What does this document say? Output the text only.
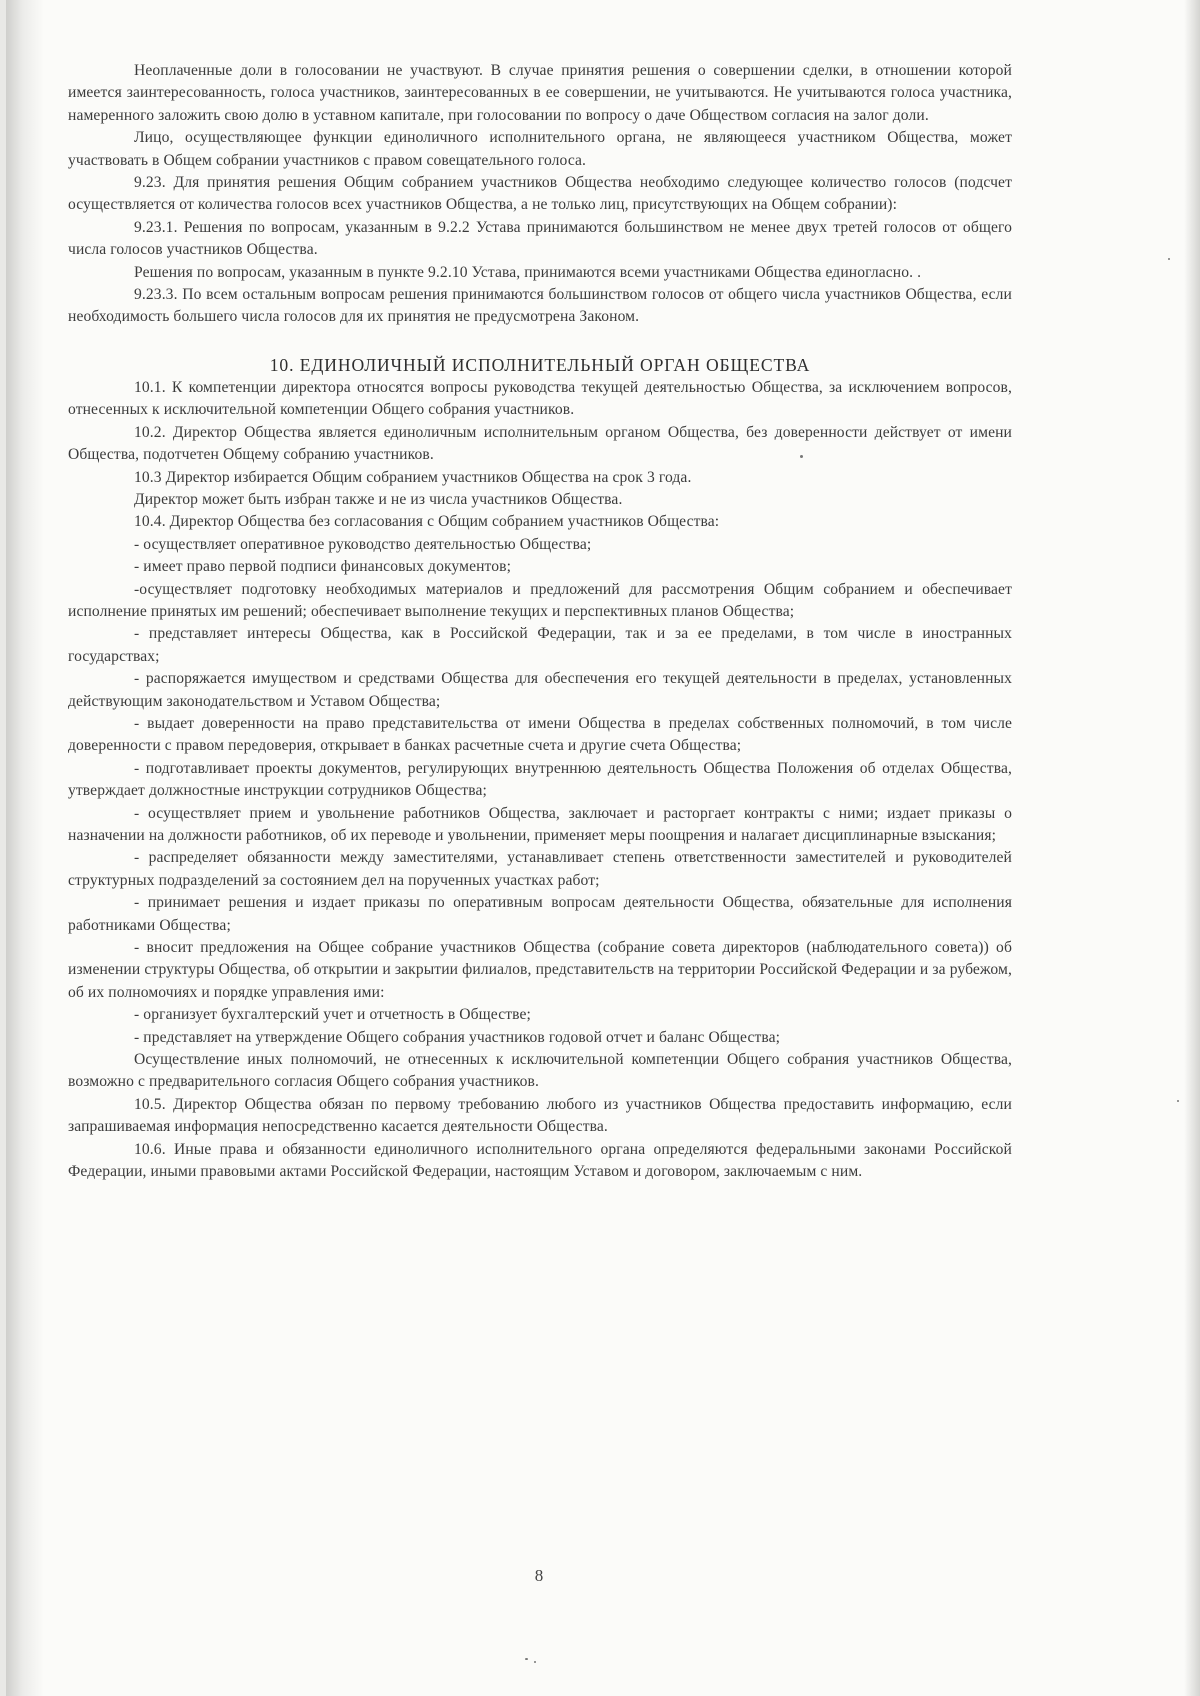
Неоплаченные доли в голосовании не участвуют. В случае принятия решения о совершении сделки, в отношении которой имеется заинтересованность, голоса участников, заинтересованных в ее совершении, не учитываются. Не учитываются голоса участника, намеренного заложить свою долю в уставном капитале, при голосовании по вопросу о даче Обществом согласия на залог доли.

Лицо, осуществляющее функции единоличного исполнительного органа, не являющееся участником Общества, может участвовать в Общем собрании участников с правом совещательного голоса.

9.23. Для принятия решения Общим собранием участников Общества необходимо следующее количество голосов (подсчет осуществляется от количества голосов всех участников Общества, а не только лиц, присутствующих на Общем собрании):

9.23.1. Решения по вопросам, указанным в 9.2.2 Устава принимаются большинством не менее двух третей голосов от общего числа голосов участников Общества.

Решения по вопросам, указанным в пункте 9.2.10 Устава, принимаются всеми участниками Общества единогласно. .

9.23.3. По всем остальным вопросам решения принимаются большинством голосов от общего числа участников Общества, если необходимость большего числа голосов для их принятия не предусмотрена Законом.

10. ЕДИНОЛИЧНЫЙ ИСПОЛНИТЕЛЬНЫЙ ОРГАН ОБЩЕСТВА

10.1. К компетенции директора относятся вопросы руководства текущей деятельностью Общества, за исключением вопросов, отнесенных к исключительной компетенции Общего собрания участников.

10.2. Директор Общества является единоличным исполнительным органом Общества, без доверенности действует от имени Общества, подотчетен Общему собранию участников.

10.3 Директор избирается Общим собранием участников Общества на срок 3 года.

Директор может быть избран также и не из числа участников Общества.

10.4. Директор Общества без согласования с Общим собранием участников Общества:

- осуществляет оперативное руководство деятельностью Общества;

- имеет право первой подписи финансовых документов;

-осуществляет подготовку необходимых материалов и предложений для рассмотрения Общим собранием и обеспечивает исполнение принятых им решений; обеспечивает выполнение текущих и перспективных планов Общества;

- представляет интересы Общества, как в Российской Федерации, так и за ее пределами, в том числе в иностранных государствах;

- распоряжается имуществом и средствами Общества для обеспечения его текущей деятельности в пределах, установленных действующим законодательством и Уставом Общества;

- выдает доверенности на право представительства от имени Общества в пределах собственных полномочий, в том числе доверенности с правом передоверия, открывает в банках расчетные счета и другие счета Общества;

- подготавливает проекты документов, регулирующих внутреннюю деятельность Общества Положения об отделах Общества, утверждает должностные инструкции сотрудников Общества;

- осуществляет прием и увольнение работников Общества, заключает и расторгает контракты с ними; издает приказы о назначении на должности работников, об их переводе и увольнении, применяет меры поощрения и налагает дисциплинарные взыскания;

- распределяет обязанности между заместителями, устанавливает степень ответственности заместителей и руководителей структурных подразделений за состоянием дел на порученных участках работ;

- принимает решения и издает приказы по оперативным вопросам деятельности Общества, обязательные для исполнения работниками Общества;

- вносит предложения на Общее собрание участников Общества (собрание совета директоров (наблюдательного совета)) об изменении структуры Общества, об открытии и закрытии филиалов, представительств на территории Российской Федерации и за рубежом, об их полномочиях и порядке управления ими:

- организует бухгалтерский учет и отчетность в Обществе;

- представляет на утверждение Общего собрания участников годовой отчет и баланс Общества;

Осуществление иных полномочий, не отнесенных к исключительной компетенции Общего собрания участников Общества, возможно с предварительного согласия Общего собрания участников.

10.5. Директор Общества обязан по первому требованию любого из участников Общества предоставить информацию, если запрашиваемая информация непосредственно касается деятельности Общества.

10.6. Иные права и обязанности единоличного исполнительного органа определяются федеральными законами Российской Федерации, иными правовыми актами Российской Федерации, настоящим Уставом и договором, заключаемым с ним.

8
